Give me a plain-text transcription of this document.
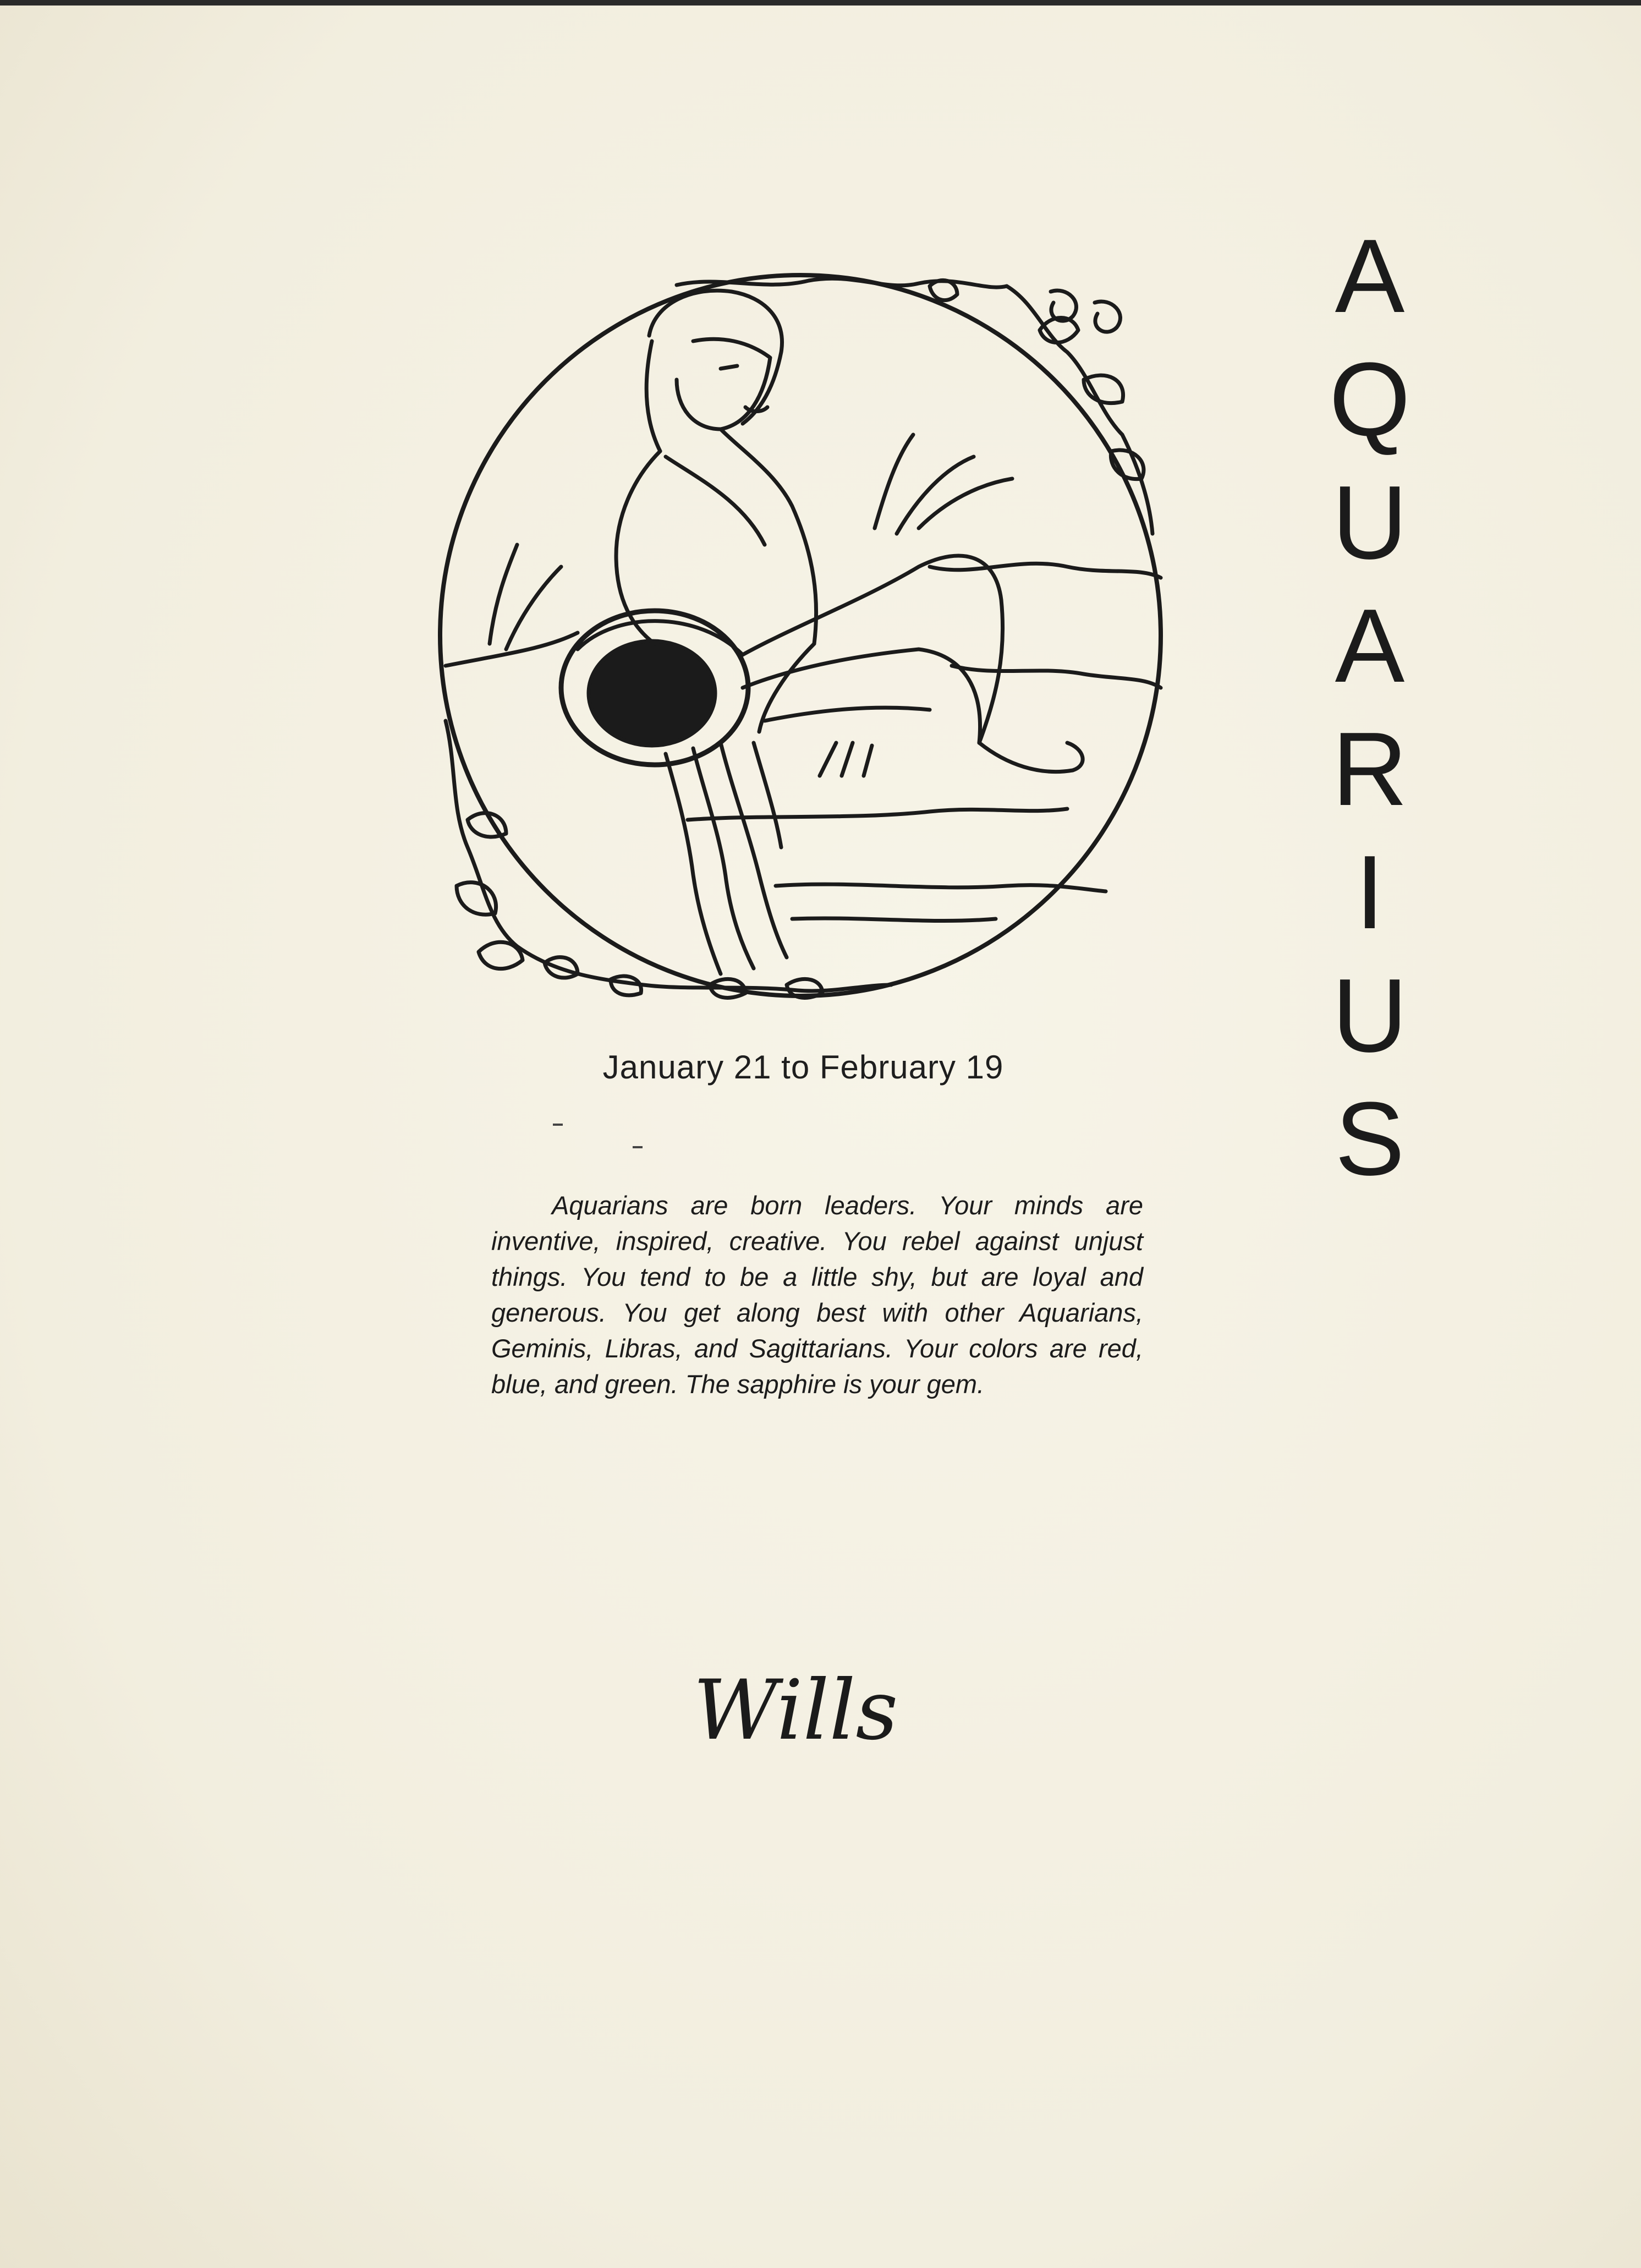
A
Q
U
A
R
I
U
S
January 21 to February 19
Aquarians are born leaders. Your minds are inventive, inspired, creative. You rebel against unjust things. You tend to be a little shy, but are loyal and generous. You get along best with other Aquarians, Geminis, Libras, and Sagittarians. Your colors are red, blue, and green. The sapphire is your gem.
Wills
